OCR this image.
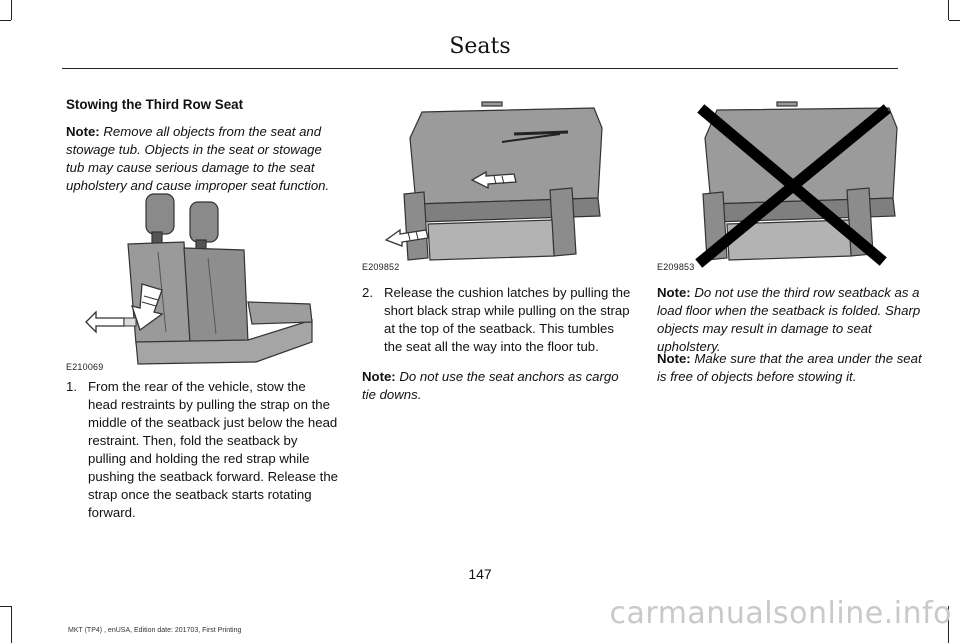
Seats
Stowing the Third Row Seat

Note: Remove all objects from the seat and stowage tub. Objects in the seat or stowage tub may cause serious damage to the seat upholstery and cause improper seat function.

E210069
1. From the rear of the vehicle, stow the head restraints by pulling the strap on the middle of the seatback just below the head restraint. Then, fold the seatback by pulling and holding the red strap while pushing the seatback forward. Release the strap once the seatback starts rotating forward.
E209852
2. Release the cushion latches by pulling the short black strap while pulling on the strap at the top of the seatback. This tumbles the seat all the way into the floor tub.

Note: Do not use the seat anchors as cargo tie downs.

E209853

Note: Do not use the third row seatback as a load floor when the seatback is folded. Sharp objects may result in damage to seat upholstery.

Note: Make sure that the area under the seat is free of objects before stowing it.

147
MKT (TP4) , enUSA, Edition date: 201703, First Printing	carmanualsonline.info
